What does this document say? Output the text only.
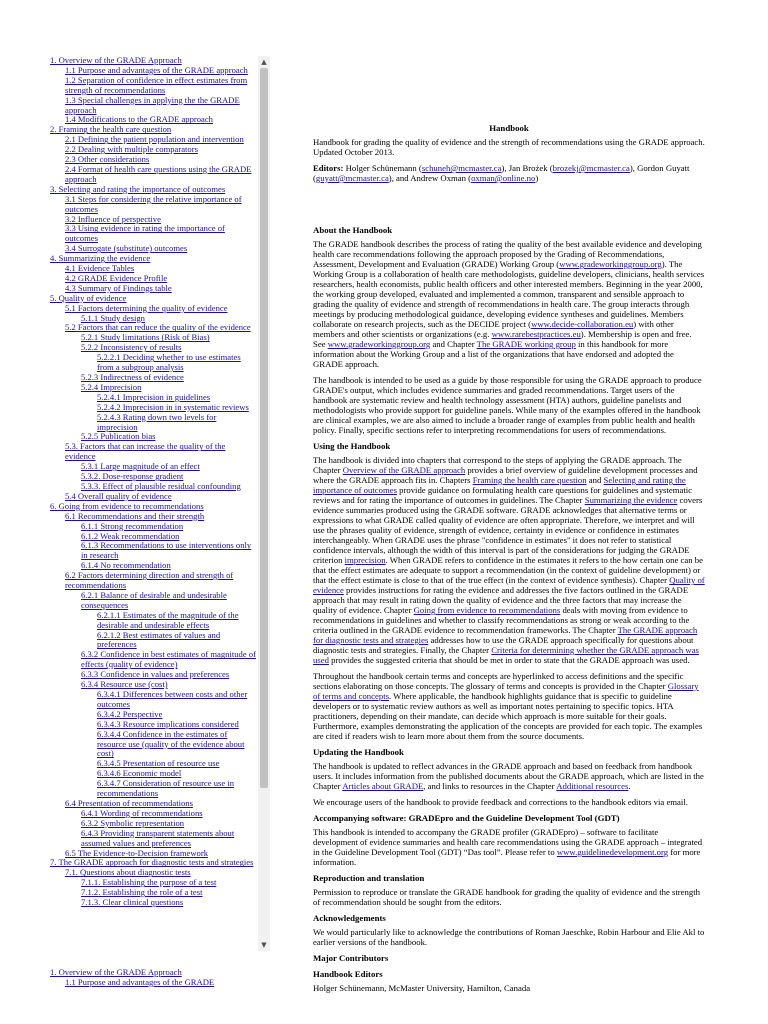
1. Overview of the GRADE Approach
1.1 Purpose and advantages of the GRADE approach
1.2 Separation of confidence in effect estimates from strength of recommendations
1.3 Special challenges in applying the the GRADE approach
1.4 Modifications to the GRADE approach
2. Framing the health care question
2.1 Defining the patient population and intervention
2.2 Dealing with multiple comparators
2.3 Other considerations
2.4 Format of health care questions using the GRADE approach
3. Selecting and rating the importance of outcomes
3.1 Steps for considering the relative importance of outcomes
3.2 Influence of perspective
3.3 Using evidence in rating the importance of outcomes
3.4 Surrogate (substitute) outcomes
4. Summarizing the evidence
4.1 Evidence Tables
4.2 GRADE Evidence Profile
4.3 Summary of Findings table
5. Quality of evidence
5.1 Factors determining the quality of evidence
5.1.1 Study design
5.2 Factors that can reduce the quality of the evidence
5.2.1 Study limitations (Risk of Bias)
5.2.2 Inconsistency of results
5.2.2.1 Deciding whether to use estimates from a subgroup analysis
5.2.3 Indirectness of evidence
5.2.4 Imprecision
5.2.4.1 Imprecision in guidelines
5.2.4.2 Imprecision in in systematic reviews
5.2.4.3 Rating down two levels for imprecision
5.2.5 Publication bias
5.3. Factors that can increase the quality of the evidence
5.3.1 Large magnitude of an effect
5.3.2. Dose-response gradient
5.3.3. Effect of plausible residual confounding
5.4 Overall quality of evidence
6. Going from evidence to recommendations
6.1 Recommendations and their strength
6.1.1 Strong recommendation
6.1.2 Weak recommendation
6.1.3 Recommendations to use interventions only in research
6.1.4 No recommendation
6.2 Factors determining direction and strength of recommendations
6.2.1 Balance of desirable and undesirable consequences
6.2.1.1 Estimates of the magnitude of the desirable and undesirable effects
6.2.1.2 Best estimates of values and preferences
6.3.2 Confidence in best estimates of magnitude of effects (quality of evidence)
6.3.3 Confidence in values and preferences
6.3.4 Resource use (cost)
6.3.4.1 Differences between costs and other outcomes
6.3.4.2 Perspective
6.3.4.3 Resource implications considered
6.3.4.4 Confidence in the estimates of resource use (quality of the evidence about cost)
6.3.4.5 Presentation of resource use
6.3.4.6 Economic model
6.3.4.7 Consideration of resource use in recommendations
6.4 Presentation of recommendations
6.4.1 Wording of recommendations
6.3.2 Symbolic representation
6.4.3 Providing transparent statements about assumed values and preferences
6.5 The Evidence-to-Decision framework
7. The GRADE approach for diagnostic tests and strategies
7.1. Questions about diagnostic tests
7.1.1. Establishing the purpose of a test
7.1.2. Establishing the role of a test
7.1.3. Clear clinical questions
▲
▼
1. Overview of the GRADE Approach
1.1 Purpose and advantages of the GRADE
Handbook

Handbook for grading the quality of evidence and the strength of recommendations using the GRADE approach. Updated October 2013.

Editors: Holger Schünemann (schuneh@mcmaster.ca), Jan Brożek (brozekj@mcmaster.ca), Gordon Guyatt (guyatt@mcmaster.ca), and Andrew Oxman (oxman@online.no)

About the Handbook

The GRADE handbook describes the process of rating the quality of the best available evidence and developing health care recommendations following the approach proposed by the Grading of Recommendations, Assessment, Development and Evaluation (GRADE) Working Group (www.gradeworkinggroup.org). The Working Group is a collaboration of health care methodologists, guideline developers, clinicians, health services researchers, health economists, public health officers and other interested members. Beginning in the year 2000, the working group developed, evaluated and implemented a common, transparent and sensible approach to grading the quality of evidence and strength of recommendations in health care. The group interacts through meetings by producing methodological guidance, developing evidence syntheses and guidelines. Members collaborate on research projects, such as the DECIDE project (www.decide-collaboration.eu) with other members and other scientists or organizations (e.g. www.rarebestpractices.eu). Membership is open and free. See www.gradeworkinggroup.org and Chapter The GRADE working group in this handbook for more information about the Working Group and a list of the organizations that have endorsed and adopted the GRADE approach.

The handbook is intended to be used as a guide by those responsible for using the GRADE approach to produce GRADE's output, which includes evidence summaries and graded recommendations. Target users of the handbook are systematic review and health technology assessment (HTA) authors, guideline panelists and methodologists who provide support for guideline panels. While many of the examples offered in the handbook are clinical examples, we are also aimed to include a broader range of examples from public health and health policy. Finally, specific sections refer to interpreting recommendations for users of recommendations.

Using the Handbook

The handbook is divided into chapters that correspond to the steps of applying the GRADE approach. The Chapter Overview of the GRADE approach provides a brief overview of guideline development processes and where the GRADE approach fits in. Chapters Framing the health care question and Selecting and rating the importance of outcomes provide guidance on formulating health care questions for guidelines and systematic reviews and for rating the importance of outcomes in guidelines. The Chapter Summarizing the evidence covers evidence summaries produced using the GRADE software. GRADE acknowledges that alternative terms or expressions to what GRADE called quality of evidence are often appropriate. Therefore, we interpret and will use the phrases quality of evidence, strength of evidence, certainty in evidence or confidence in estimates interchangeably. When GRADE uses the phrase "confidence in estimates" it does not refer to statistical confidence intervals, although the width of this interval is part of the considerations for judging the GRADE criterion imprecision. When GRADE refers to confidence in the estimates it refers to the how certain one can be that the effect estimates are adequate to support a recommendation (in the context of guideline development) or that the effect estimate is close to that of the true effect (in the context of evidence synthesis). Chapter Quality of evidence provides instructions for rating the evidence and addresses the five factors outlined in the GRADE approach that may result in rating down the quality of evidence and the three factors that may increase the quality of evidence. Chapter Going from evidence to recommendations deals with moving from evidence to recommendations in guidelines and whether to classify recommendations as strong or weak according to the criteria outlined in the GRADE evidence to recommendation frameworks. The Chapter The GRADE approach for diagnostic tests and strategies addresses how to use the GRADE approach specifically for questions about diagnostic tests and strategies. Finally, the Chapter Criteria for determining whether the GRADE approach was used provides the suggested criteria that should be met in order to state that the GRADE approach was used.

Throughout the handbook certain terms and concepts are hyperlinked to access definitions and the specific sections elaborating on those concepts. The glossary of terms and concepts is provided in the Chapter Glossary of terms and concepts. Where applicable, the handbook highlights guidance that is specific to guideline developers or to systematic review authors as well as important notes pertaining to specific topics. HTA practitioners, depending on their mandate, can decide which approach is more suitable for their goals. Furthermore, examples demonstrating the application of the concepts are provided for each topic. The examples are cited if readers wish to learn more about them from the source documents.

Updating the Handbook

The handbook is updated to reflect advances in the GRADE approach and based on feedback from handbook users. It includes information from the published documents about the GRADE approach, which are listed in the Chapter Articles about GRADE, and links to resources in the Chapter Additional resources.

We encourage users of the handbook to provide feedback and corrections to the handbook editors via email.

Accompanying software: GRADEpro and the Guideline Development Tool (GDT)

This handbook is intended to accompany the GRADE profiler (GRADEpro) – software to facilitate development of evidence summaries and health care recommendations using the GRADE approach – integrated in the Guideline Development Tool (GDT) “Das tool”. Please refer to www.guidelinedevelopment.org for more information.

Reproduction and translation

Permission to reproduce or translate the GRADE handbook for grading the quality of evidence and the strength of recommendation should be sought from the editors.

Acknowledgements

We would particularly like to acknowledge the contributions of Roman Jaeschke, Robin Harbour and Elie Akl to earlier versions of the handbook.

Major Contributors
Handbook Editors

Holger Schünemann, McMaster University, Hamilton, Canada
